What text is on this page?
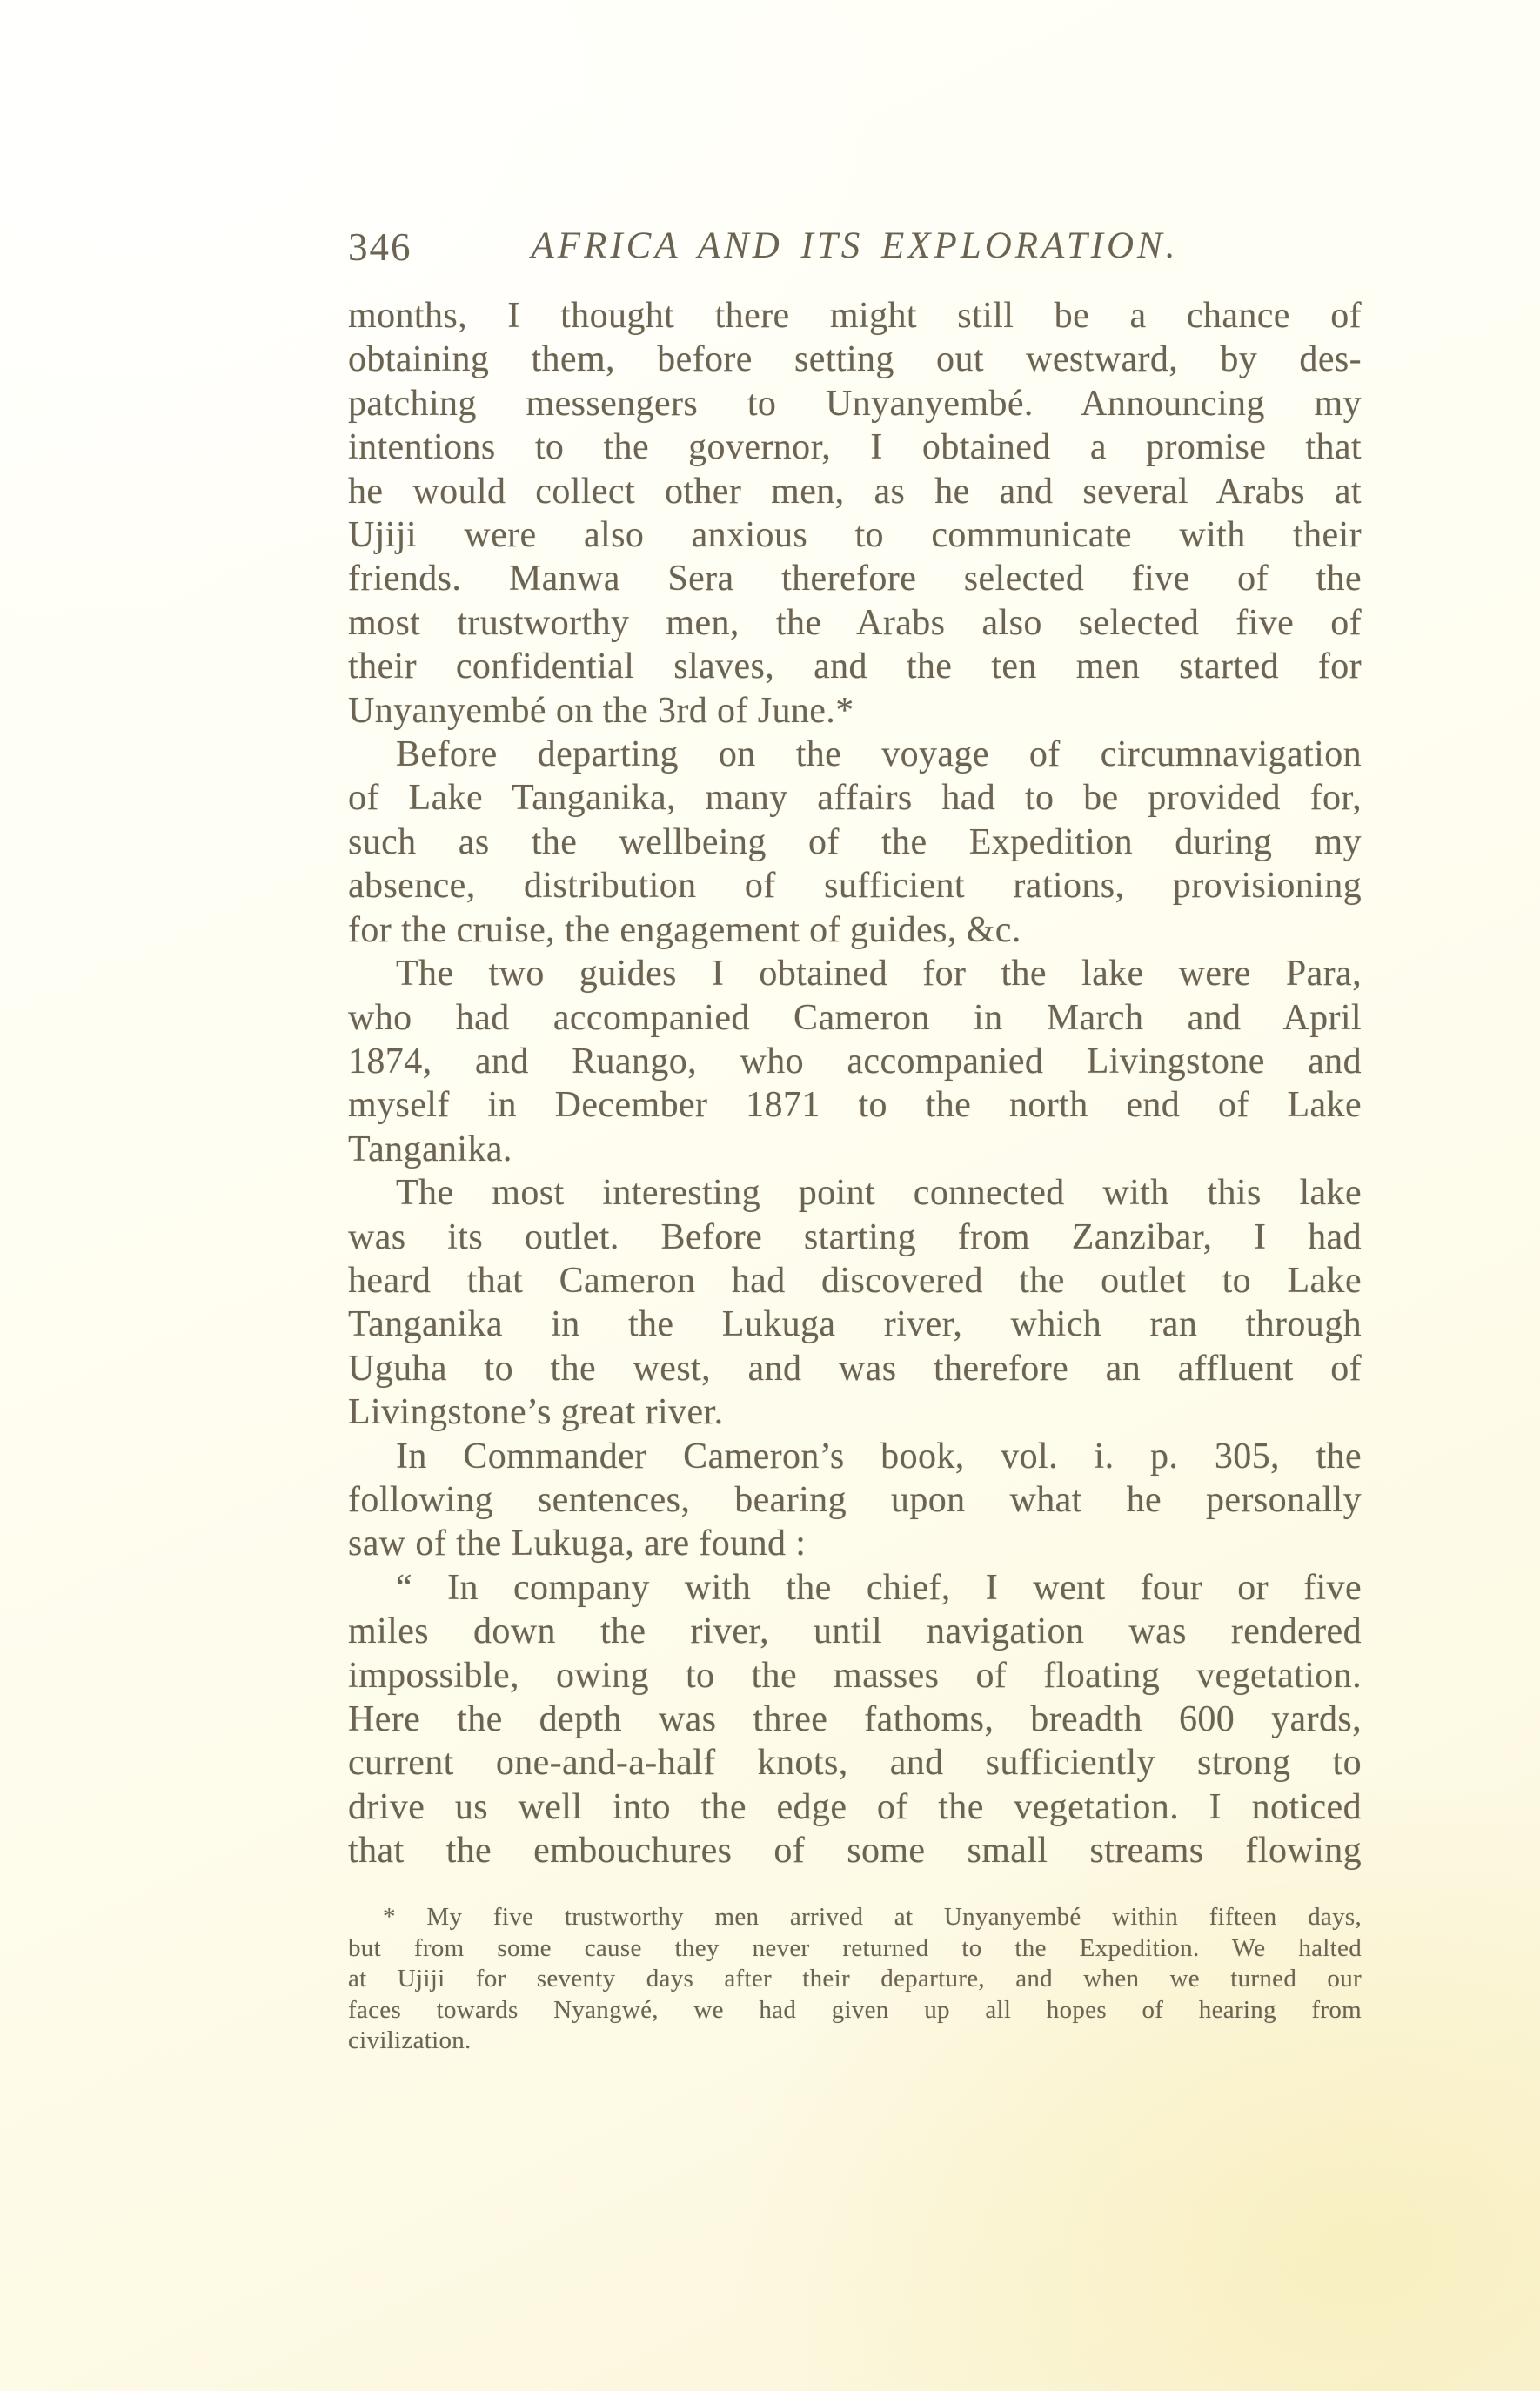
346	AFRICA AND ITS EXPLORATION.
months, I thought there might still be a chance of
obtaining them, before setting out westward, by des-
patching messengers to Unyanyembé. Announcing my
intentions to the governor, I obtained a promise that
he would collect other men, as he and several Arabs at
Ujiji were also anxious to communicate with their
friends. Manwa Sera therefore selected five of the
most trustworthy men, the Arabs also selected five of
their confidential slaves, and the ten men started for
Unyanyembé on the 3rd of June.*
Before departing on the voyage of circumnavigation
of Lake Tanganika, many affairs had to be provided for,
such as the wellbeing of the Expedition during my
absence, distribution of sufficient rations, provisioning
for the cruise, the engagement of guides, &c.
The two guides I obtained for the lake were Para,
who had accompanied Cameron in March and April
1874, and Ruango, who accompanied Livingstone and
myself in December 1871 to the north end of Lake
Tanganika.
The most interesting point connected with this lake
was its outlet. Before starting from Zanzibar, I had
heard that Cameron had discovered the outlet to Lake
Tanganika in the Lukuga river, which ran through
Uguha to the west, and was therefore an affluent of
Livingstone’s great river.
In Commander Cameron’s book, vol. i. p. 305, the
following sentences, bearing upon what he personally
saw of the Lukuga, are found :
“ In company with the chief, I went four or five
miles down the river, until navigation was rendered
impossible, owing to the masses of floating vegetation.
Here the depth was three fathoms, breadth 600 yards,
current one-and-a-half knots, and sufficiently strong to
drive us well into the edge of the vegetation. I noticed
that the embouchures of some small streams flowing
* My five trustworthy men arrived at Unyanyembé within fifteen days,
but from some cause they never returned to the Expedition. We halted
at Ujiji for seventy days after their departure, and when we turned our
faces towards Nyangwé, we had given up all hopes of hearing from
civilization.
